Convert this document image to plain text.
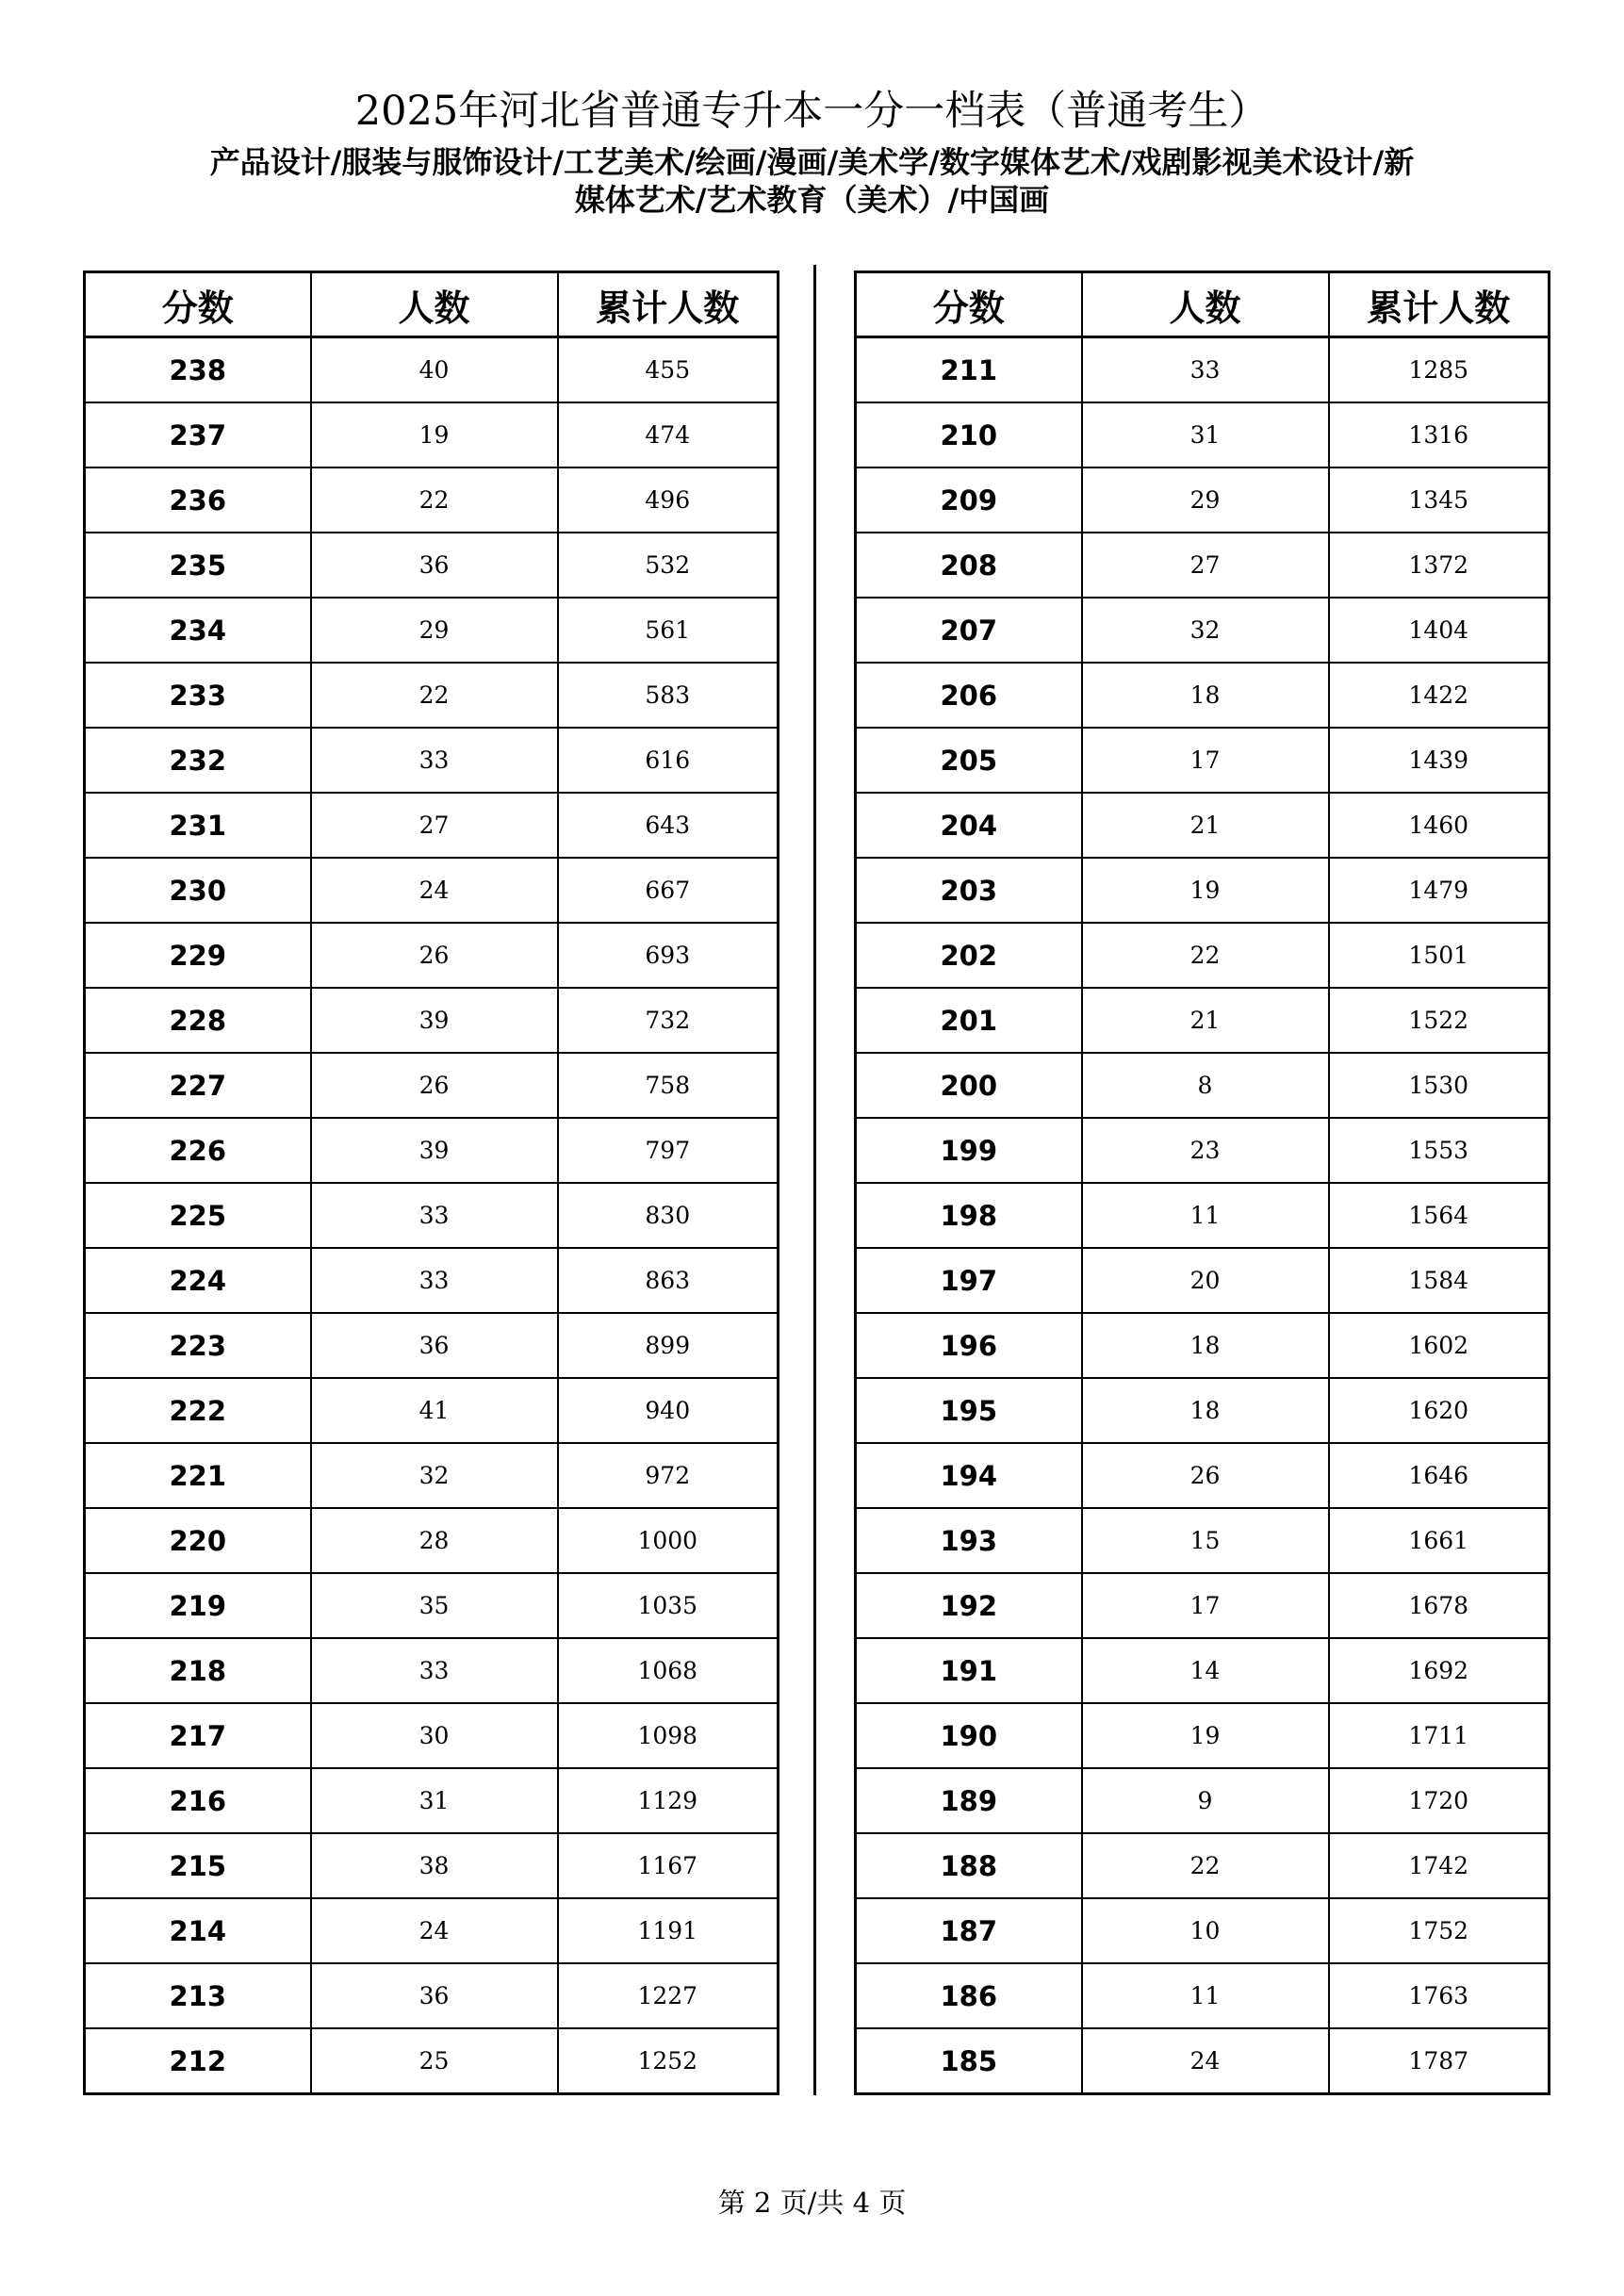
2025年河北省普通专升本一分一档表（普通考生）
产品设计/服装与服饰设计/工艺美术/绘画/漫画/美术学/数字媒体艺术/戏剧影视美术设计/新
媒体艺术/艺术教育（美术）/中国画
分数	人数	累计人数
238	40	455
237	19	474
236	22	496
235	36	532
234	29	561
233	22	583
232	33	616
231	27	643
230	24	667
229	26	693
228	39	732
227	26	758
226	39	797
225	33	830
224	33	863
223	36	899
222	41	940
221	32	972
220	28	1000
219	35	1035
218	33	1068
217	30	1098
216	31	1129
215	38	1167
214	24	1191
213	36	1227
212	25	1252
分数	人数	累计人数
211	33	1285
210	31	1316
209	29	1345
208	27	1372
207	32	1404
206	18	1422
205	17	1439
204	21	1460
203	19	1479
202	22	1501
201	21	1522
200	8	1530
199	23	1553
198	11	1564
197	20	1584
196	18	1602
195	18	1620
194	26	1646
193	15	1661
192	17	1678
191	14	1692
190	19	1711
189	9	1720
188	22	1742
187	10	1752
186	11	1763
185	24	1787
第 2 页/共 4 页
